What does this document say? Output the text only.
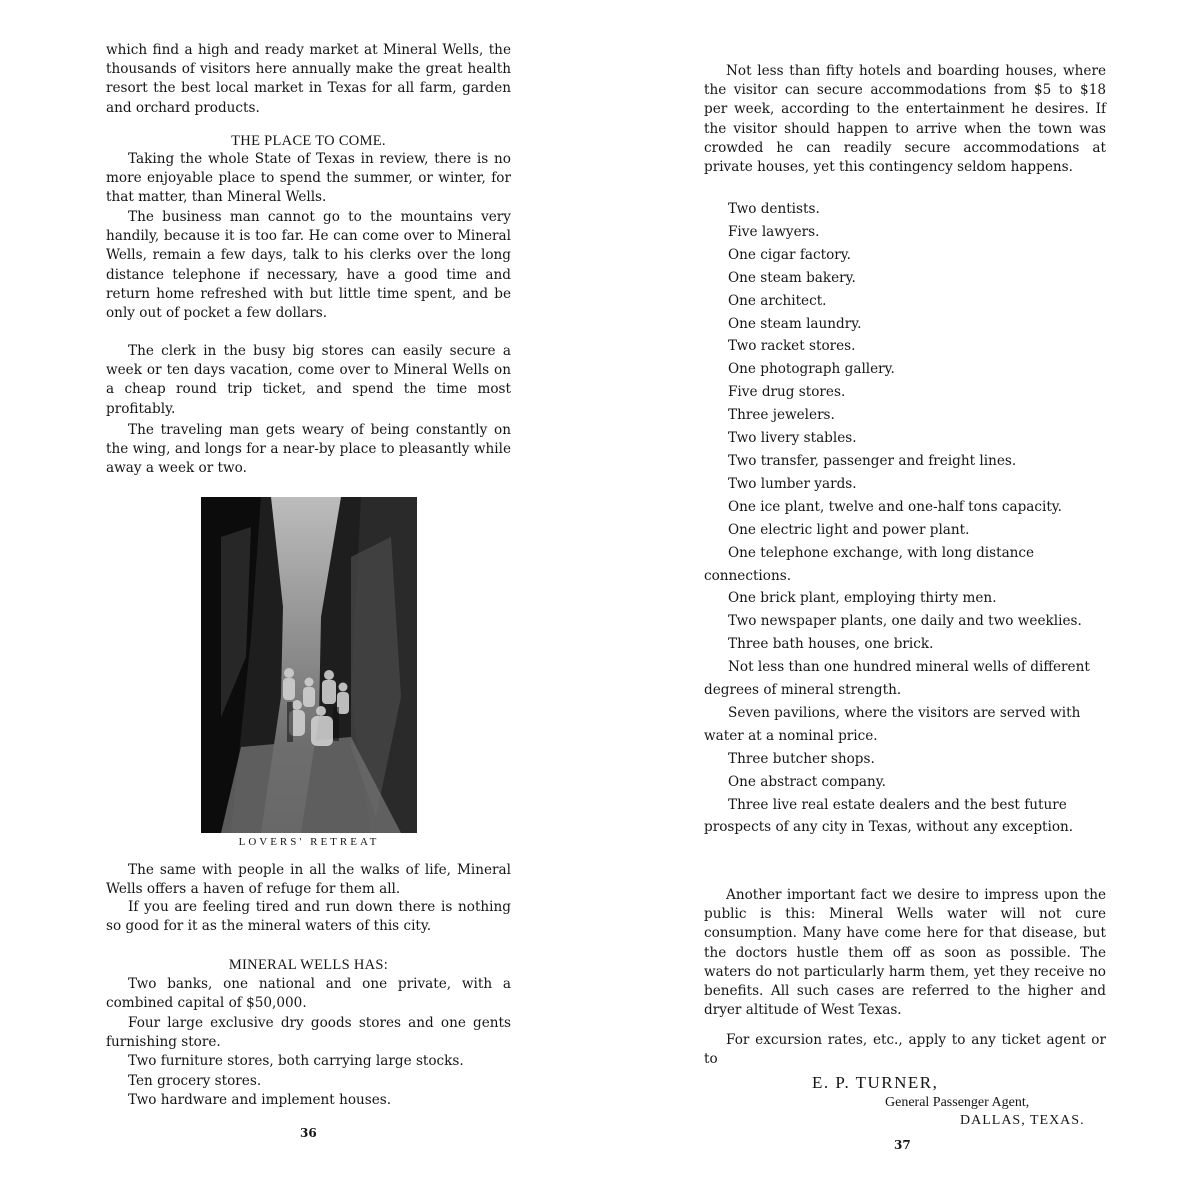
which find a high and ready market at Mineral Wells, the thousands of visitors here annually make the great health resort the best local market in Texas for all farm, garden and orchard products.

THE PLACE TO COME.

Taking the whole State of Texas in review, there is no more enjoyable place to spend the summer, or winter, for that matter, than Mineral Wells.

The business man cannot go to the mountains very handily, because it is too far. He can come over to Mineral Wells, remain a few days, talk to his clerks over the long distance telephone if necessary, have a good time and return home refreshed with but little time spent, and be only out of pocket a few dollars.

The clerk in the busy big stores can easily secure a week or ten days vacation, come over to Mineral Wells on a cheap round trip ticket, and spend the time most profitably.

The traveling man gets weary of being constantly on the wing, and longs for a near-by place to pleasantly while away a week or two.

LOVERS' RETREAT

The same with people in all the walks of life, Mineral Wells offers a haven of refuge for them all.

If you are feeling tired and run down there is nothing so good for it as the mineral waters of this city.

MINERAL WELLS HAS:

Two banks, one national and one private, with a combined capital of $50,000.

Four large exclusive dry goods stores and one gents furnishing store.

Two furniture stores, both carrying large stocks.

Ten grocery stores.

Two hardware and implement houses.

36

Not less than fifty hotels and boarding houses, where the visitor can secure accommodations from $5 to $18 per week, according to the entertainment he desires. If the visitor should happen to arrive when the town was crowded he can readily secure accommodations at private houses, yet this contingency seldom happens.

Two dentists.
Five lawyers.
One cigar factory.
One steam bakery.
One architect.
One steam laundry.
Two racket stores.
One photograph gallery.
Five drug stores.
Three jewelers.
Two livery stables.
Two transfer, passenger and freight lines.
Two lumber yards.
One ice plant, twelve and one-half tons capacity.
One electric light and power plant.
One telephone exchange, with long distance connections.
One brick plant, employing thirty men.
Two newspaper plants, one daily and two weeklies.
Three bath houses, one brick.
Not less than one hundred mineral wells of different degrees of mineral strength.
Seven pavilions, where the visitors are served with water at a nominal price.
Three butcher shops.
One abstract company.
Three live real estate dealers and the best future prospects of any city in Texas, without any exception.

Another important fact we desire to impress upon the public is this: Mineral Wells water will not cure consumption. Many have come here for that disease, but the doctors hustle them off as soon as possible. The waters do not particularly harm them, yet they receive no benefits. All such cases are referred to the higher and dryer altitude of West Texas.

For excursion rates, etc., apply to any ticket agent or to

E. P. TURNER,
General Passenger Agent,
DALLAS, TEXAS.
37
